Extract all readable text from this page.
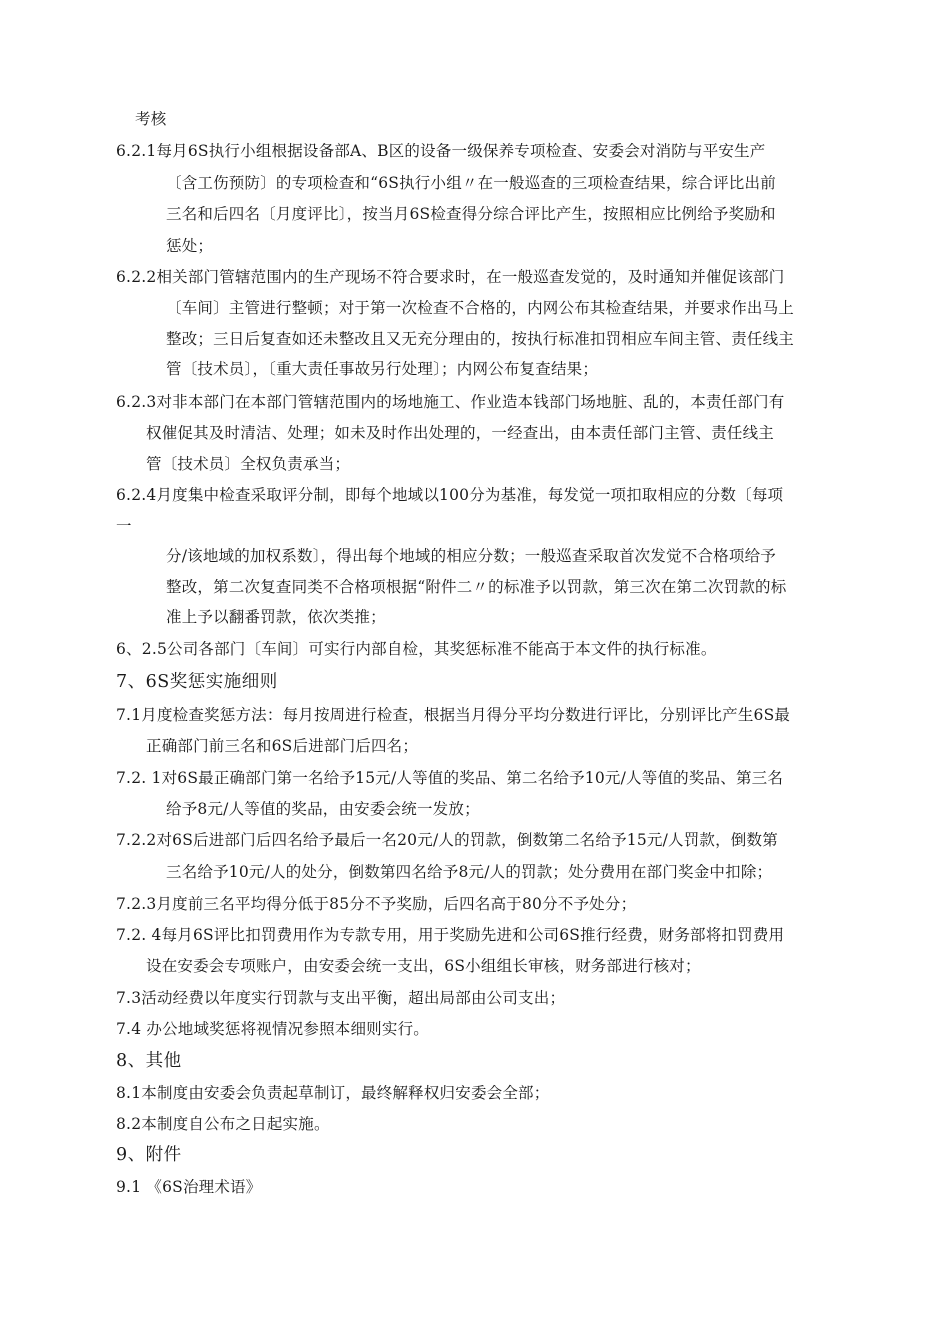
考核
6.2.1每月6S执行小组根据设备部A、B区的设备一级保养专项检查、安委会对消防与平安生产
〔含工伤预防〕的专项检查和“6S执行小组〃在一般巡查的三项检查结果，综合评比出前
三名和后四名〔月度评比〕，按当月6S检查得分综合评比产生，按照相应比例给予奖励和
惩处；
6.2.2相关部门管辖范围内的生产现场不符合要求时，在一般巡查发觉的，及时通知并催促该部门
〔车间〕主管进行整顿；对于第一次检查不合格的，内网公布其检查结果，并要求作出马上
整改；三日后复查如还未整改且又无充分理由的，按执行标准扣罚相应车间主管、责任线主
管〔技术员〕，〔重大责任事故另行处理〕；内网公布复查结果；
6.2.3对非本部门在本部门管辖范围内的场地施工、作业造本钱部门场地脏、乱的，本责任部门有
权催促其及时清洁、处理；如未及时作出处理的，一经查出，由本责任部门主管、责任线主
管〔技术员〕全权负责承当；
6.2.4月度集中检查采取评分制，即每个地域以100分为基准，每发觉一项扣取相应的分数〔每项
一
分/该地域的加权系数〕，得出每个地域的相应分数；一般巡查采取首次发觉不合格项给予
整改，第二次复查同类不合格项根据“附件二〃的标准予以罚款，第三次在第二次罚款的标
准上予以翻番罚款，依次类推；
6、2.5公司各部门〔车间〕可实行内部自检，其奖惩标准不能高于本文件的执行标准。
7、6S奖惩实施细则
7.1月度检查奖惩方法：每月按周进行检查，根据当月得分平均分数进行评比，分别评比产生6S最
正确部门前三名和6S后进部门后四名；
7.2. 1对6S最正确部门第一名给予15元/人等值的奖品、第二名给予10元/人等值的奖品、第三名
给予8元/人等值的奖品，由安委会统一发放；
7.2.2对6S后进部门后四名给予最后一名20元/人的罚款，倒数第二名给予15元/人罚款，倒数第
三名给予10元/人的处分，倒数第四名给予8元/人的罚款；处分费用在部门奖金中扣除；
7.2.3月度前三名平均得分低于85分不予奖励，后四名高于80分不予处分；
7.2. 4每月6S评比扣罚费用作为专款专用，用于奖励先进和公司6S推行经费，财务部将扣罚费用
设在安委会专项账户，由安委会统一支出，6S小组组长审核，财务部进行核对；
7.3活动经费以年度实行罚款与支出平衡，超出局部由公司支出；
7.4 办公地域奖惩将视情况参照本细则实行。
8、其他
8.1本制度由安委会负责起草制订，最终解释权归安委会全部；
8.2本制度自公布之日起实施。
9、附件
9.1 《6S治理术语》
